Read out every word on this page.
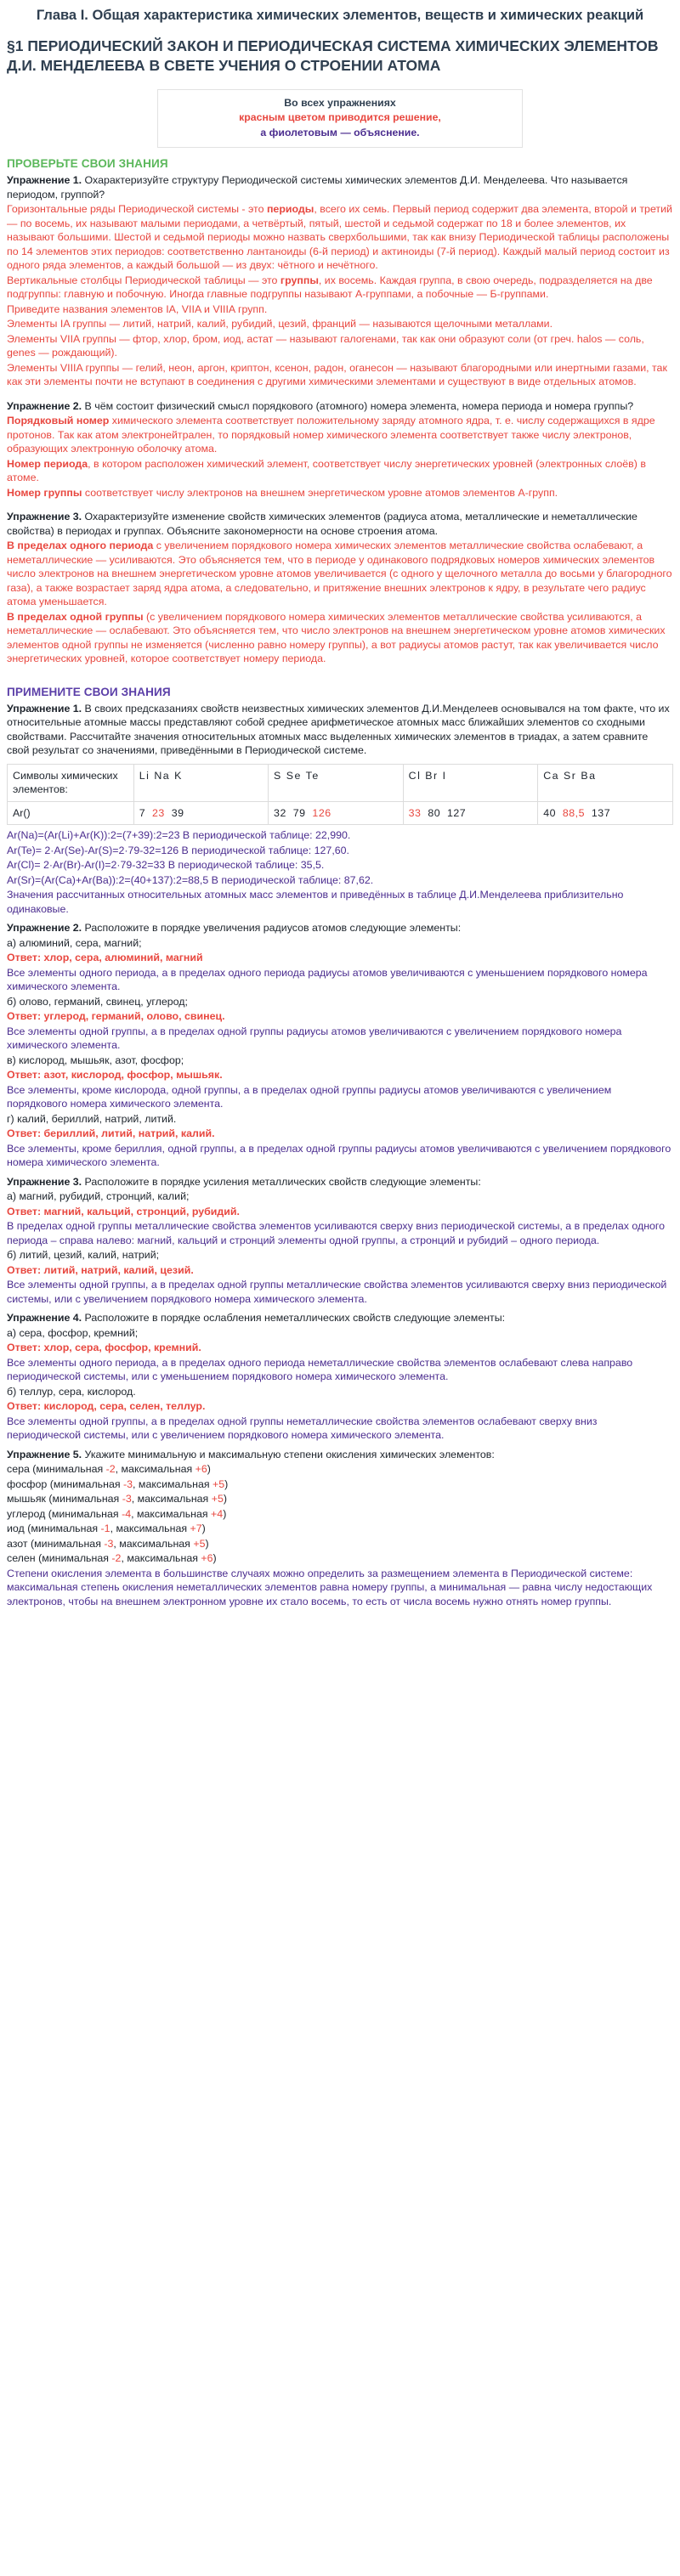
Глава I. Общая характеристика химических элементов, веществ и химических реакций
§1 ПЕРИОДИЧЕСКИЙ ЗАКОН И ПЕРИОДИЧЕСКАЯ СИСТЕМА ХИМИЧЕСКИХ ЭЛЕМЕНТОВ Д.И. МЕНДЕЛЕЕВА В СВЕТЕ УЧЕНИЯ О СТРОЕНИИ АТОМА
Во всех упражнениях
красным цветом приводится решение,
а фиолетовым — объяснение.
ПРОВЕРЬТЕ СВОИ ЗНАНИЯ

Упражнение 1. Охарактеризуйте структуру Периодической системы химических элементов Д.И. Менделеева. Что называется периодом, группой?

Горизонтальные ряды Периодической системы - это периоды, всего их семь. Первый период содержит два элемента, второй и третий — по восемь, их называют малыми периодами, а четвёртый, пятый, шестой и седьмой содержат по 18 и более элементов, их называют большими. Шестой и седьмой периоды можно назвать сверхбольшими, так как внизу Периодической таблицы расположены по 14 элементов этих периодов: соответственно лантаноиды (6-й период) и актиноиды (7-й период). Каждый малый период состоит из одного ряда элементов, а каждый большой — из двух: чётного и нечётного.

Вертикальные столбцы Периодической таблицы — это группы, их восемь. Каждая группа, в свою очередь, подразделяется на две подгруппы: главную и побочную. Иногда главные подгруппы называют А-группами, а побочные — Б-группами.

Приведите названия элементов IA, VIIA и VIIIA групп.

Элементы IA группы — литий, натрий, калий, рубидий, цезий, франций — называются щелочными металлами.

Элементы VIIA группы — фтор, хлор, бром, иод, астат — называют галогенами, так как они образуют соли (от греч. halos — соль, genes — рождающий).

Элементы VIIIA группы — гелий, неон, аргон, криптон, ксенон, радон, оганесон — называют благородными или инертными газами, так как эти элементы почти не вступают в соединения с другими химическими элементами и существуют в виде отдельных атомов.

Упражнение 2. В чём состоит физический смысл порядкового (атомного) номера элемента, номера периода и номера группы?

Порядковый номер химического элемента соответствует положительному заряду атомного ядра, т. е. числу содержащихся в ядре протонов. Так как атом электронейтрален, то порядковый номер химического элемента соответствует также числу электронов, образующих электронную оболочку атома.

Номер периода, в котором расположен химический элемент, соответствует числу энергетических уровней (электронных слоёв) в атоме.

Номер группы соответствует числу электронов на внешнем энергетическом уровне атомов элементов А-групп.

Упражнение 3. Охарактеризуйте изменение свойств химических элементов (радиуса атома, металлические и неметаллические свойства) в периодах и группах. Объясните закономерности на основе строения атома.

В пределах одного периода с увеличением порядкового номера химических элементов металлические свойства ослабевают, а неметаллические — усиливаются. Это объясняется тем, что в периоде у одинакового подрядковых номеров химических элементов число электронов на внешнем энергетическом уровне атомов увеличивается (с одного у щелочного металла до восьми у благородного газа), а также возрастает заряд ядра атома, а следовательно, и притяжение внешних электронов к ядру, в результате чего радиус атома уменьшается.

В пределах одной группы (с увеличением порядкового номера химических элементов металлические свойства усиливаются, а неметаллические — ослабевают. Это объясняется тем, что число электронов на внешнем энергетическом уровне атомов химических элементов одной группы не изменяется (численно равно номеру группы), а вот радиусы атомов растут, так как увеличивается число энергетических уровней, которое соответствует номеру периода.

ПРИМЕНИТЕ СВОИ ЗНАНИЯ

Упражнение 1. В своих предсказаниях свойств неизвестных химических элементов Д.И.Менделеев основывался на том факте, что их относительные атомные массы представляют собой среднее арифметическое атомных масс ближайших элементов со сходными свойствами. Рассчитайте значения относительных атомных масс выделенных химических элементов в триадах, а затем сравните свой результат со значениями, приведёнными в Периодической системе.

Символы химических элементов:	Li Na K	S Se Te	Cl Br I	Ca Sr Ba
Ar()	7 23 39	32 79 126	33 80 127	40 88,5 137

Ar(Na)=(Ar(Li)+Ar(K)):2=(7+39):2=23 В периодической таблице: 22,990.

Ar(Te)= 2·Ar(Se)-Ar(S)=2·79-32=126 В периодической таблице: 127,60.

Ar(Cl)= 2·Ar(Br)-Ar(I)=2·79-32=33 В периодической таблице: 35,5.

Ar(Sr)=(Ar(Ca)+Ar(Ba)):2=(40+137):2=88,5 В периодической таблице: 87,62.

Значения рассчитанных относительных атомных масс элементов и приведённых в таблице Д.И.Менделеева приблизительно одинаковые.

Упражнение 2. Расположите в порядке увеличения радиусов атомов следующие элементы:

а) алюминий, сера, магний;

Ответ: хлор, сера, алюминий, магний

Все элементы одного периода, а в пределах одного периода радиусы атомов увеличиваются с уменьшением порядкового номера химического элемента.

б) олово, германий, свинец, углерод;

Ответ: углерод, германий, олово, свинец.

Все элементы одной группы, а в пределах одной группы радиусы атомов увеличиваются с увеличением порядкового номера химического элемента.

в) кислород, мышьяк, азот, фосфор;

Ответ: азот, кислород, фосфор, мышьяк.

Все элементы, кроме кислорода, одной группы, а в пределах одной группы радиусы атомов увеличиваются с увеличением порядкового номера химического элемента.

г) калий, бериллий, натрий, литий.

Ответ: бериллий, литий, натрий, калий.

Все элементы, кроме бериллия, одной группы, а в пределах одной группы радиусы атомов увеличиваются с увеличением порядкового номера химического элемента.

Упражнение 3. Расположите в порядке усиления металлических свойств следующие элементы:

а) магний, рубидий, стронций, калий;

Ответ: магний, кальций, стронций, рубидий.

В пределах одной группы металлические свойства элементов усиливаются сверху вниз периодической системы, а в пределах одного периода – справа налево: магний, кальций и стронций элементы одной группы, а стронций и рубидий – одного периода.

б) литий, цезий, калий, натрий;

Ответ: литий, натрий, калий, цезий.

Все элементы одной группы, а в пределах одной группы металлические свойства элементов усиливаются сверху вниз периодической системы, или с увеличением порядкового номера химического элемента.

Упражнение 4. Расположите в порядке ослабления неметаллических свойств следующие элементы:

а) сера, фосфор, кремний;

Ответ: хлор, сера, фосфор, кремний.

Все элементы одного периода, а в пределах одного периода неметаллические свойства элементов ослабевают слева направо периодической системы, или с уменьшением порядкового номера химического элемента.

б) теллур, сера, кислород.

Ответ: кислород, сера, селен, теллур.

Все элементы одной группы, а в пределах одной группы неметаллические свойства элементов ослабевают сверху вниз периодической системы, или с увеличением порядкового номера химического элемента.

Упражнение 5. Укажите минимальную и максимальную степени окисления химических элементов:

сера (минимальная -2, максимальная +6)

фосфор (минимальная -3, максимальная +5)

мышьяк (минимальная -3, максимальная +5)

углерод (минимальная -4, максимальная +4)

иод (минимальная -1, максимальная +7)

азот (минимальная -3, максимальная +5)

селен (минимальная -2, максимальная +6)

Степени окисления элемента в большинстве случаях можно определить за размещением элемента в Периодической системе: максимальная степень окисления неметаллических элементов равна номеру группы, а минимальная — равна числу недостающих электронов, чтобы на внешнем электронном уровне их стало восемь, то есть от числа восемь нужно отнять номер группы.
